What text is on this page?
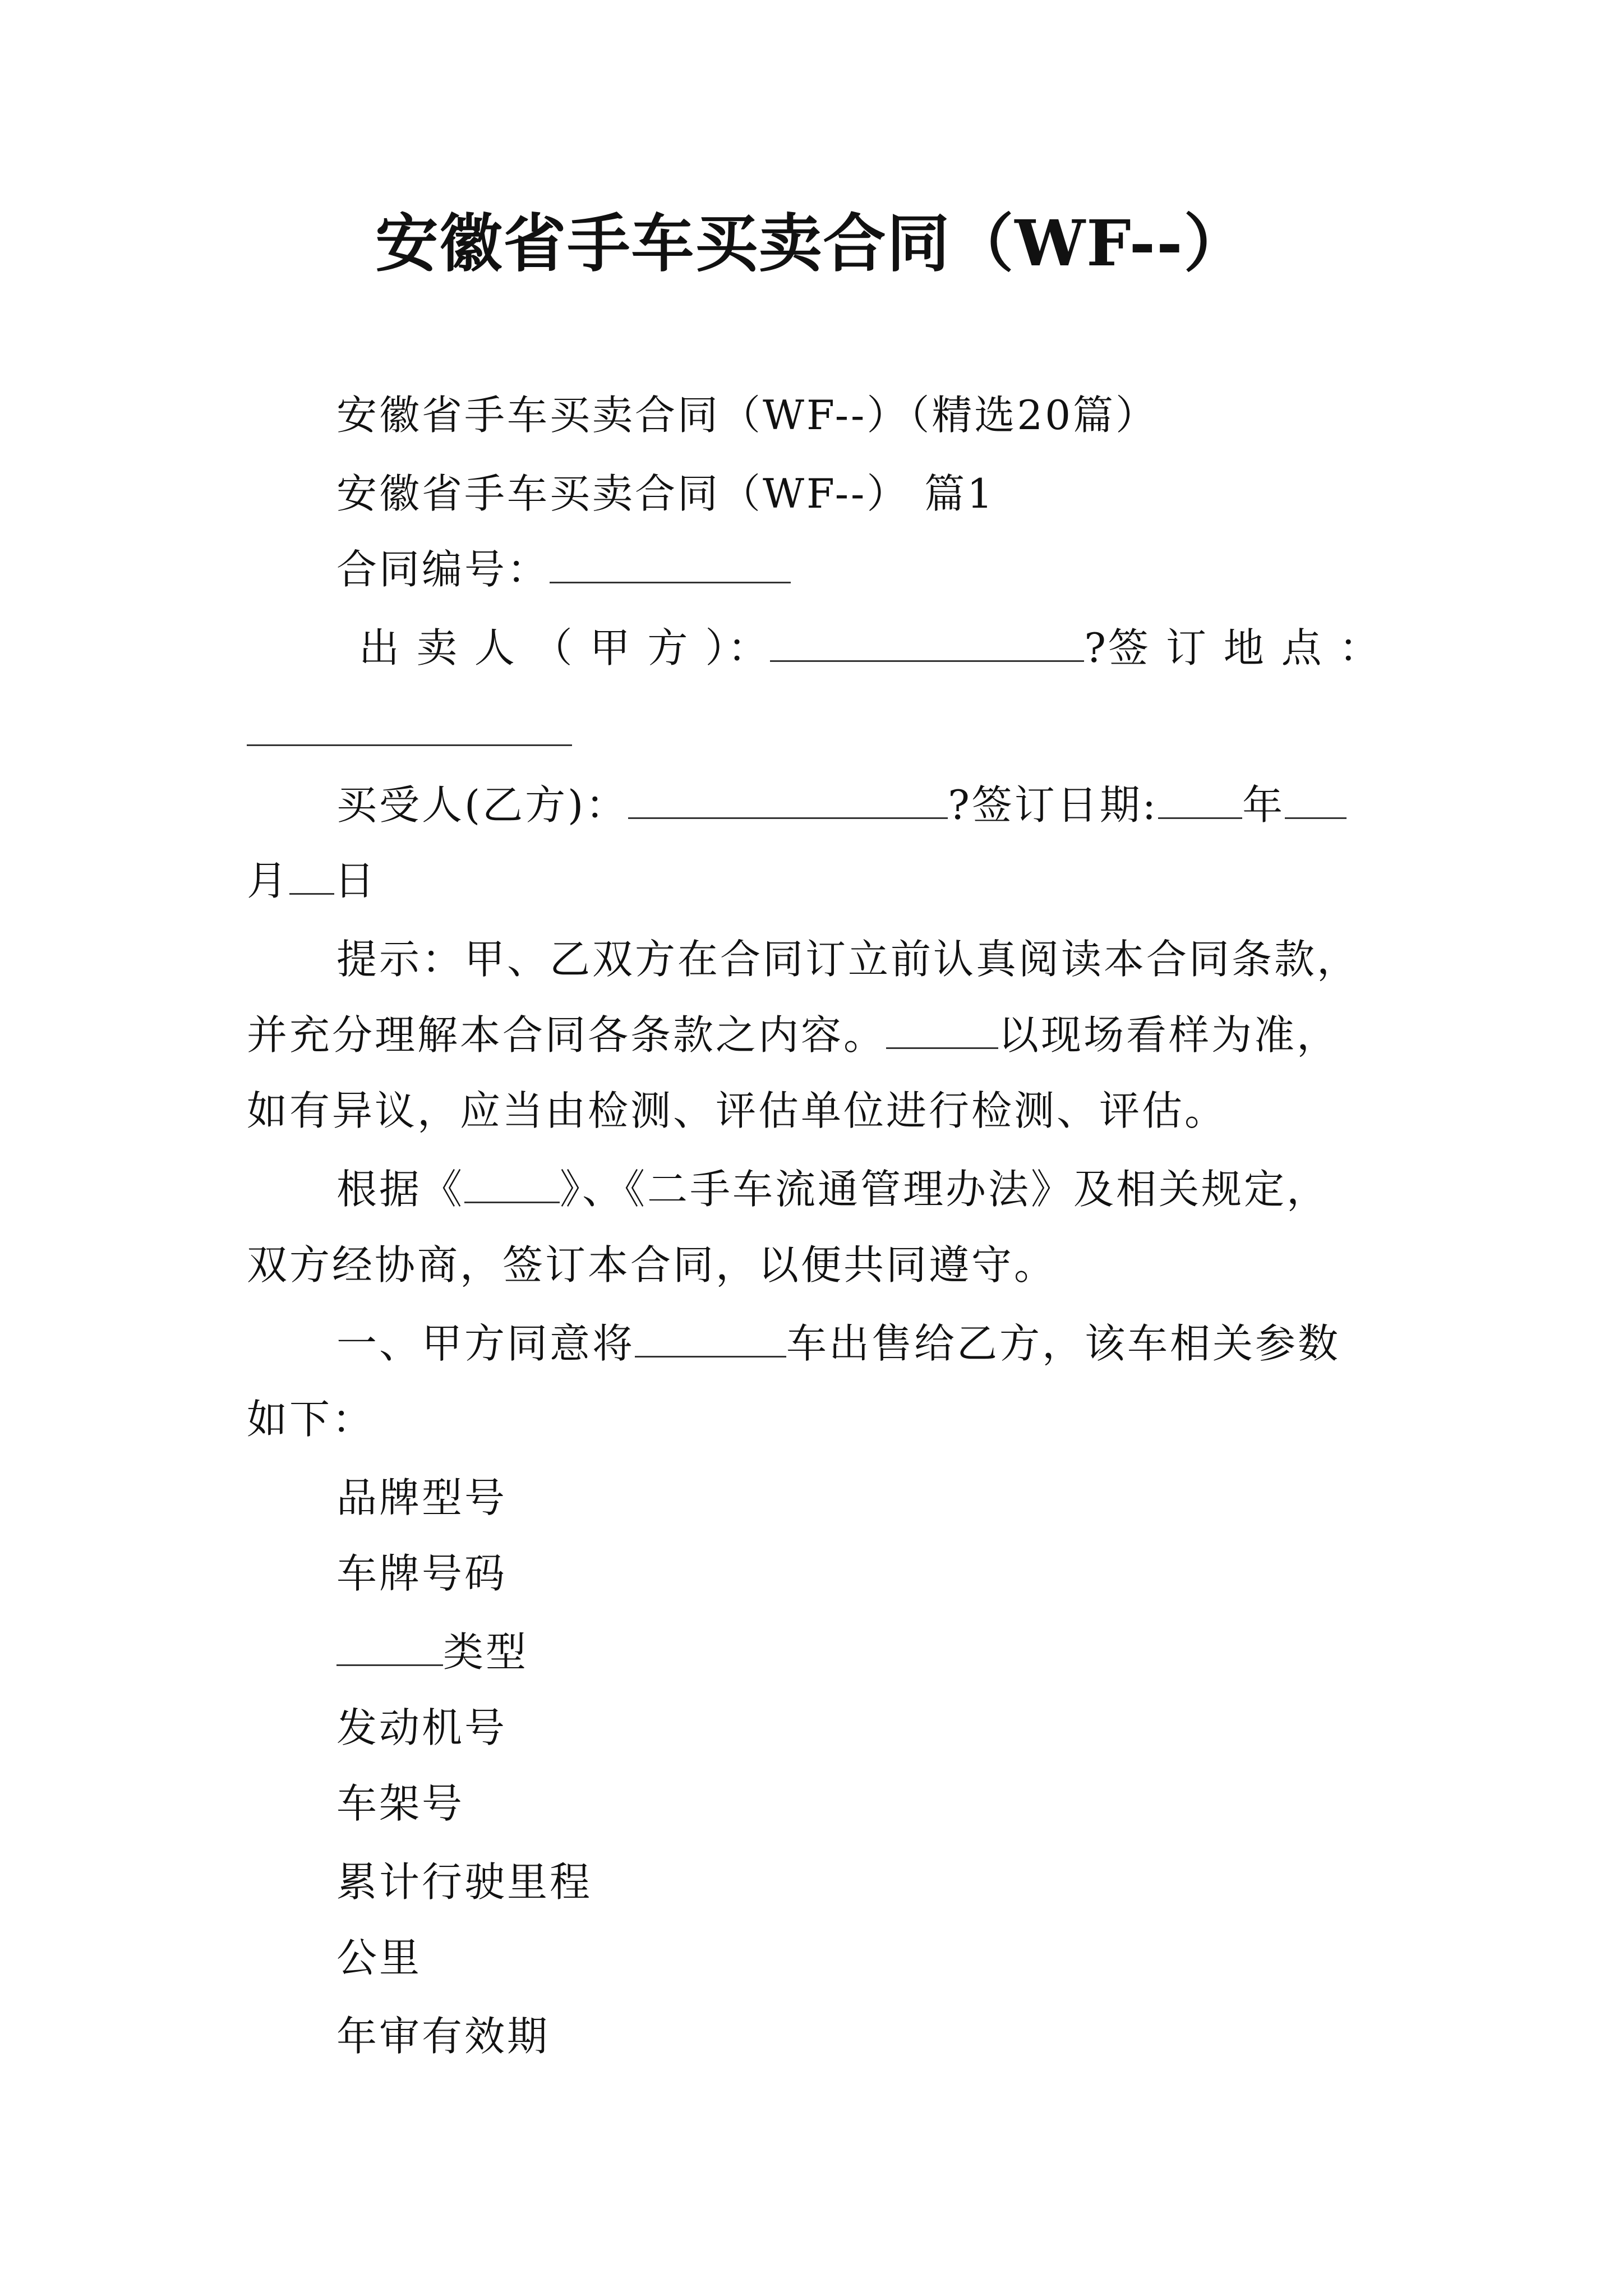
安徽省手车买卖合同（WF--）
安徽省手车买卖合同（WF--）（精选20篇）
安徽省手车买卖合同（WF--） 篇1
合同编号：
出 卖 人 （ 甲 方 ）：	?签 订 地 点 ：
买受人(乙方)：	?签订日期: 年
月 日
提示：甲、乙双方在合同订立前认真阅读本合同条款，
并充分理解本合同各条款之内容。	以现场看样为准，
如有异议，应当由检测、评估单位进行检测、评估。
根据《 》、《二手车流通管理办法》及相关规定，
双方经协商，签订本合同，以便共同遵守。
一、甲方同意将	车出售给乙方，该车相关参数
如下：
品牌型号
车牌号码
类型
发动机号
车架号
累计行驶里程
公里
年审有效期
